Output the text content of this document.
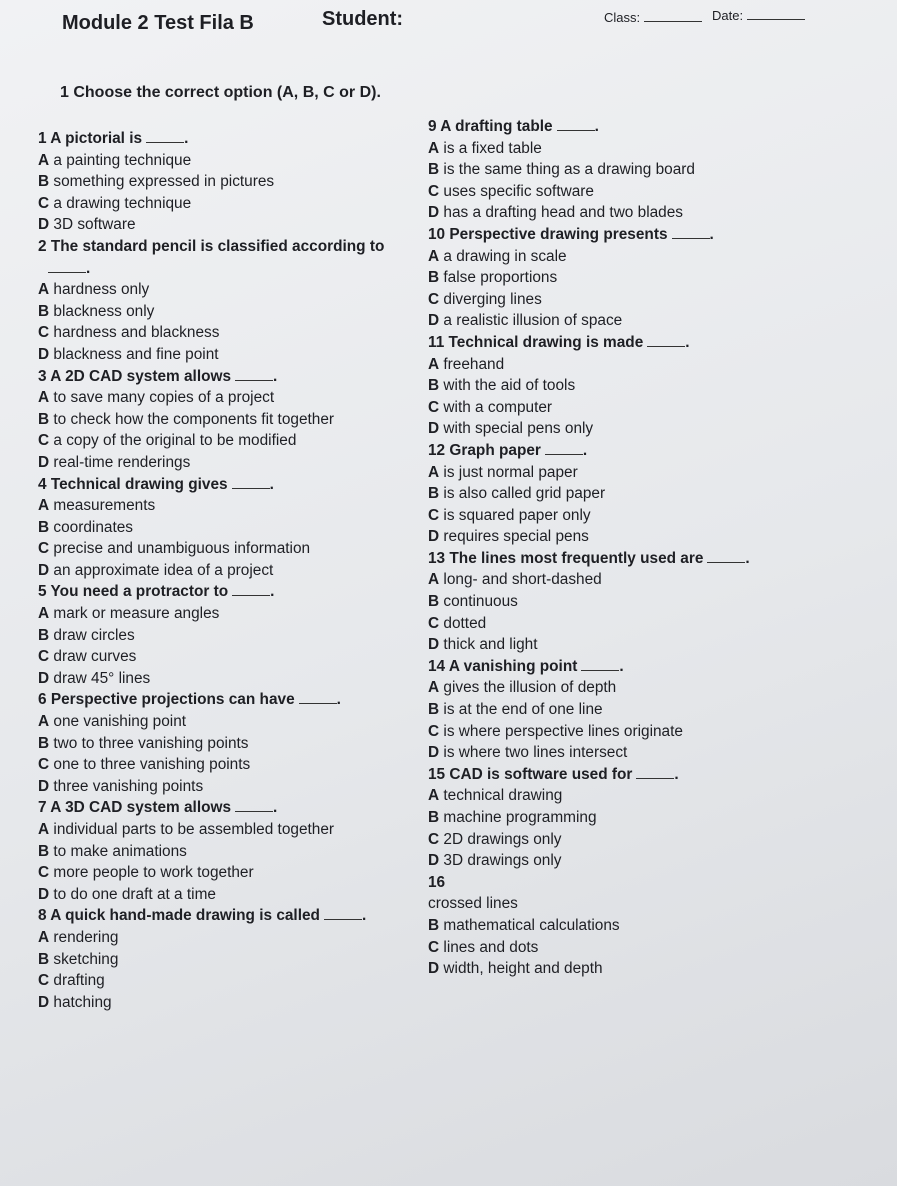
Module 2 Test Fila B	Student:	Class:	Date:
1 Choose the correct option (A, B, C or D).
1 A pictorial is	.
A a painting technique
B something expressed in pictures
C a drawing technique
D 3D software
2 The standard pencil is classified according to
.
A hardness only
B blackness only
C hardness and blackness
D blackness and fine point
3 A 2D CAD system allows	.
A to save many copies of a project
B to check how the components fit together
C a copy of the original to be modified
D real-time renderings
4 Technical drawing gives	.
A measurements
B coordinates
C precise and unambiguous information
D an approximate idea of a project
5 You need a protractor to	.
A mark or measure angles
B draw circles
C draw curves
D draw 45° lines
6 Perspective projections can have	.
A one vanishing point
B two to three vanishing points
C one to three vanishing points
D three vanishing points
7 A 3D CAD system allows	.
A individual parts to be assembled together
B to make animations
C more people to work together
D to do one draft at a time
8 A quick hand-made drawing is called	.
A rendering
B sketching
C drafting
D hatching
9 A drafting table	.
A is a fixed table
B is the same thing as a drawing board
C uses specific software
D has a drafting head and two blades
10 Perspective drawing presents	.
A a drawing in scale
B false proportions
C diverging lines
D a realistic illusion of space
11 Technical drawing is made	.
A freehand
B with the aid of tools
C with a computer
D with special pens only
12 Graph paper	.
A is just normal paper
B is also called grid paper
C is squared paper only
D requires special pens
13 The lines most frequently used are	.
A long- and short-dashed
B continuous
C dotted
D thick and light
14 A vanishing point	.
A gives the illusion of depth
B is at the end of one line
C is where perspective lines originate
D is where two lines intersect
15 CAD is software used for	.
A technical drawing
B machine programming
C 2D drawings only
D 3D drawings only
16
crossed lines
B mathematical calculations
C lines and dots
D width, height and depth
